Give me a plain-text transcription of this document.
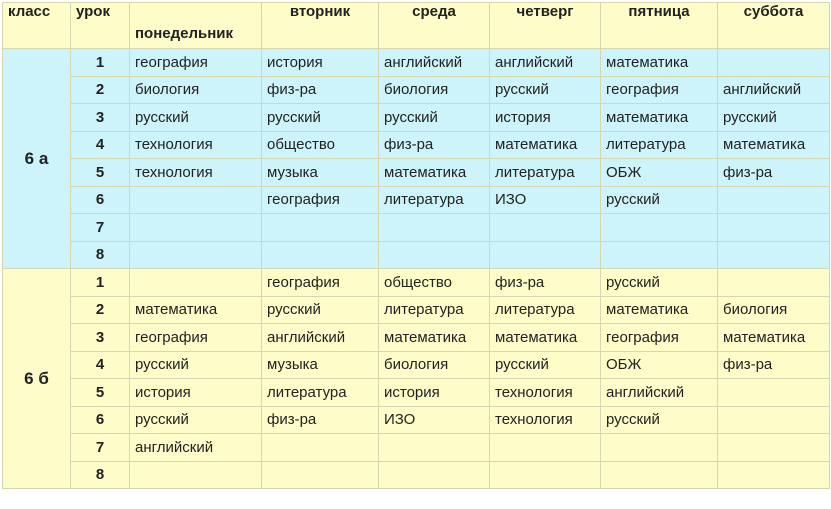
класс	урок	понедельник	вторник	среда	четверг	пятница	суббота
6 а	1	география	история	английский	английский	математика	
	2	биология	физ-ра	биология	русский	география	английский
	3	русский	русский	русский	история	математика	русский
	4	технология	общество	физ-ра	математика	литература	математика
	5	технология	музыка	математика	литература	ОБЖ	физ-ра
	6		география	литература	ИЗО	русский	
	7						
	8						
6 б	1		география	общество	физ-ра	русский	
	2	математика	русский	литература	литература	математика	биология
	3	география	английский	математика	математика	география	математика
	4	русский	музыка	биология	русский	ОБЖ	физ-ра
	5	история	литература	история	технология	английский	
	6	русский	физ-ра	ИЗО	технология	русский	
	7	английский					
	8						
